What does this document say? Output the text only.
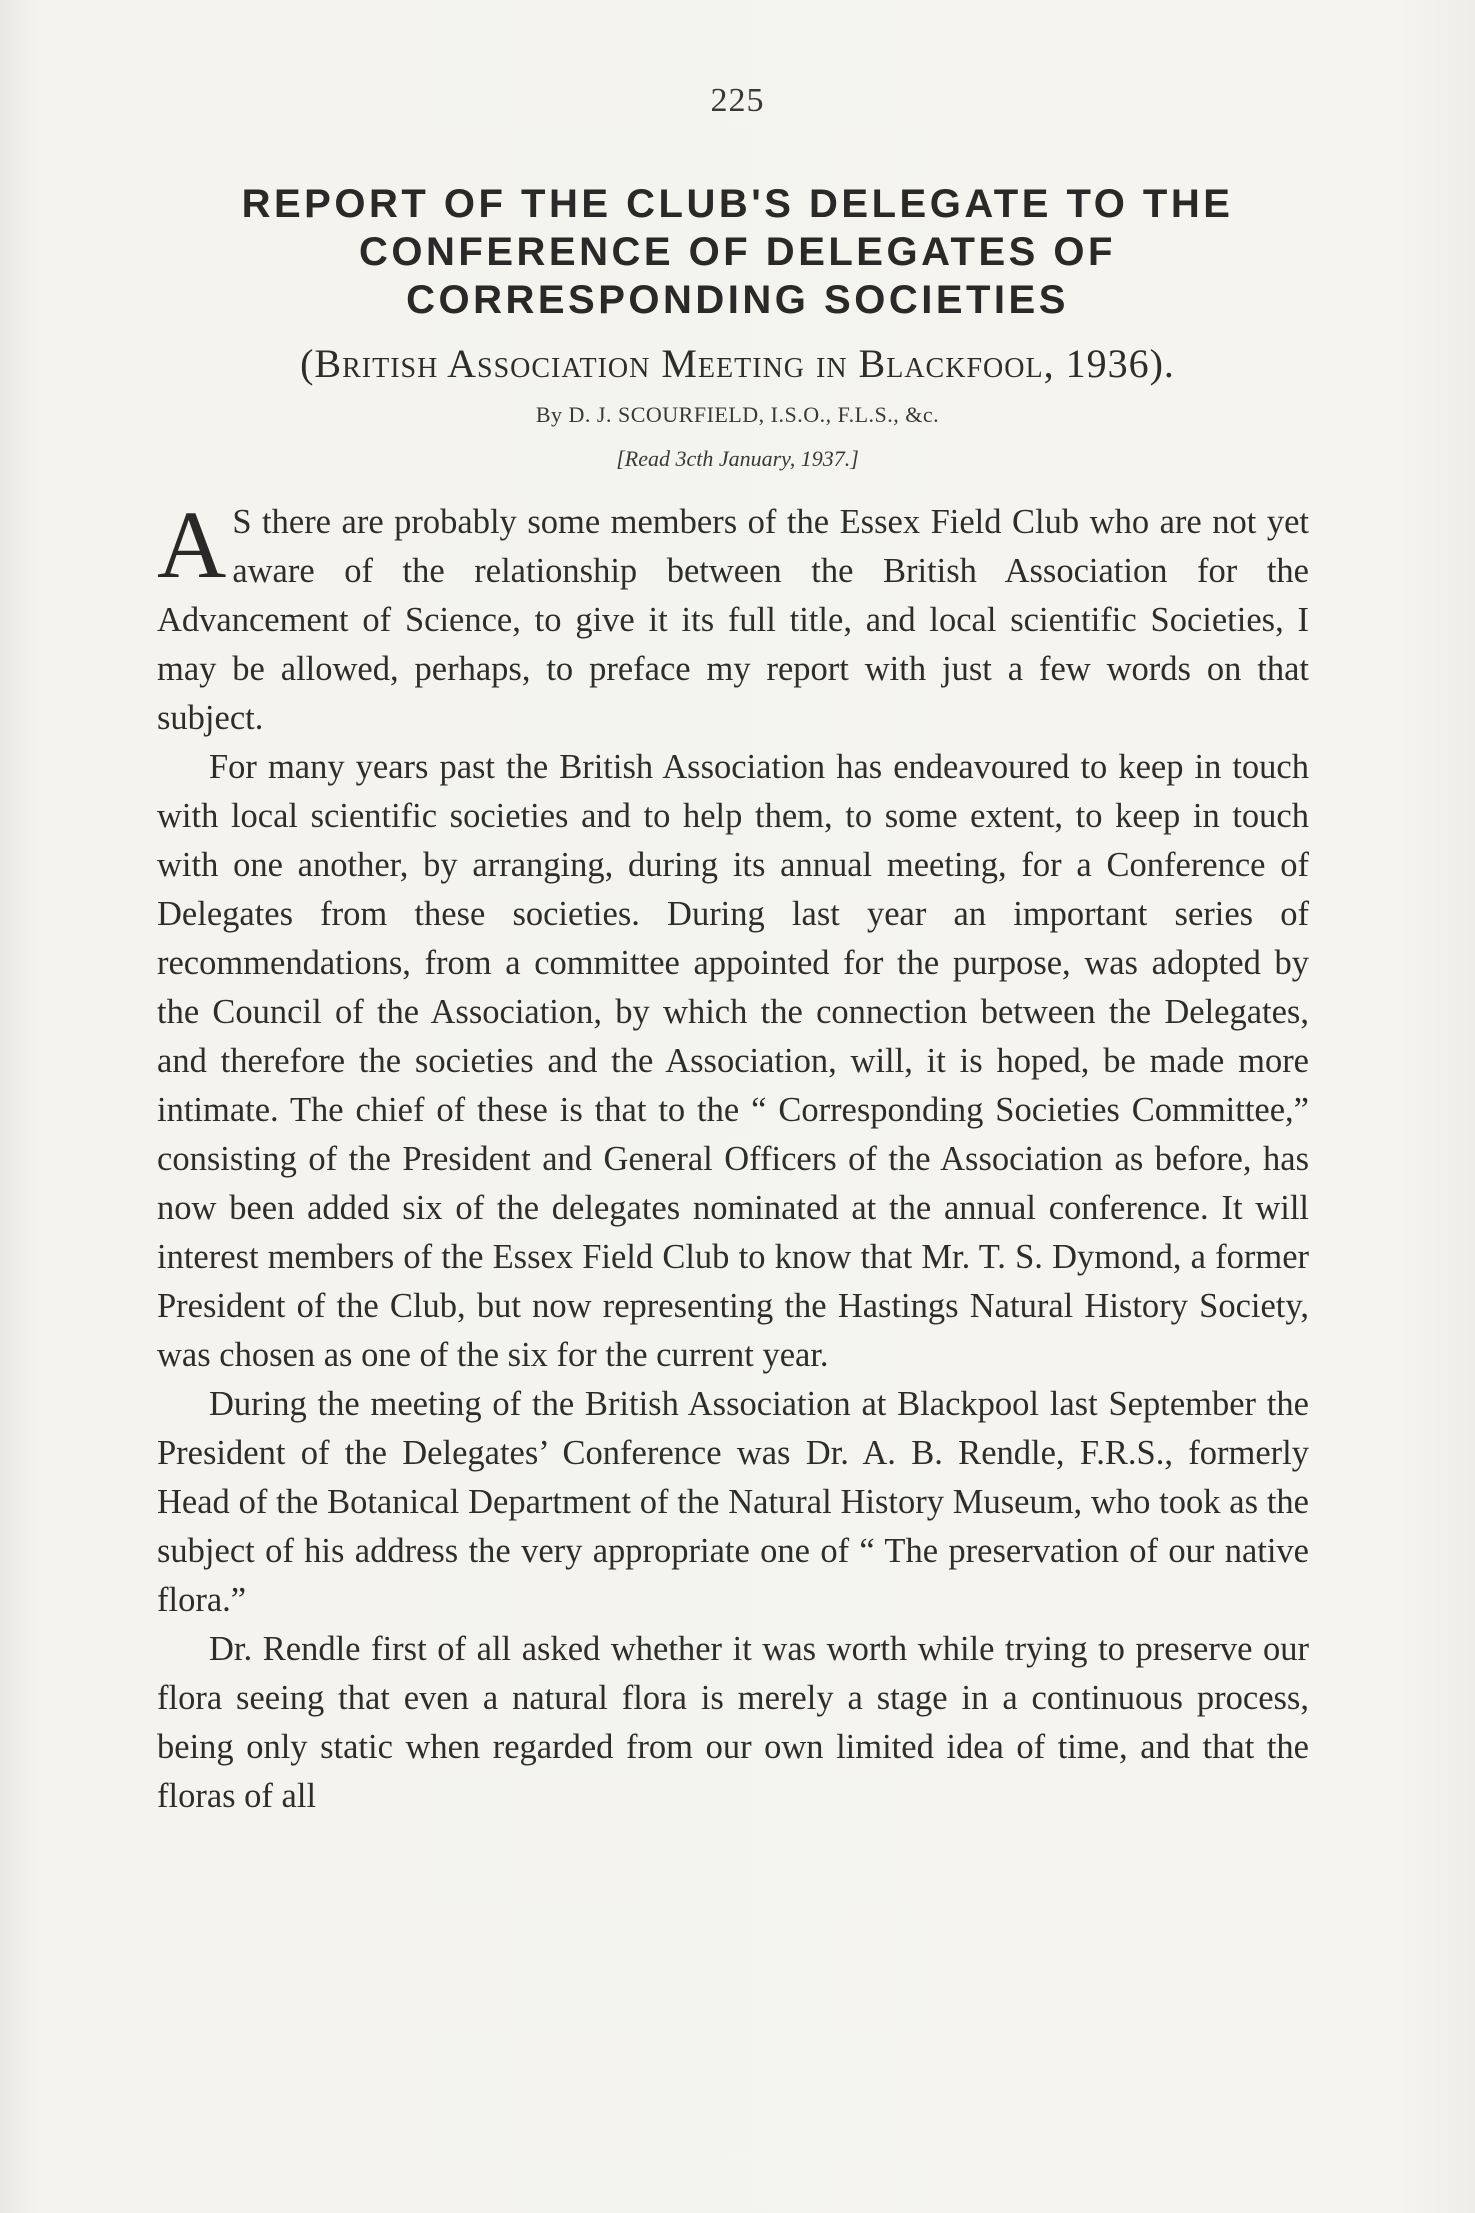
225
REPORT OF THE CLUB'S DELEGATE TO THE
CONFERENCE OF DELEGATES OF
CORRESPONDING SOCIETIES
(British Association Meeting in Blackfool, 1936).
By D. J. SCOURFIELD, I.S.O., F.L.S., &c.
[Read 3cth January, 1937.]

A S there are probably some members of the Essex Field Club who are not yet aware of the relationship between the British Association for the Advancement of Science, to give it its full title, and local scientific Societies, I may be allowed, perhaps, to preface my report with just a few words on that subject.

For many years past the British Association has endeavoured to keep in touch with local scientific societies and to help them, to some extent, to keep in touch with one another, by arranging, during its annual meeting, for a Conference of Delegates from these societies. During last year an important series of recommendations, from a committee appointed for the purpose, was adopted by the Council of the Association, by which the connection between the Delegates, and therefore the societies and the Association, will, it is hoped, be made more intimate. The chief of these is that to the “ Corresponding Societies Committee,” consisting of the President and General Officers of the Association as before, has now been added six of the delegates nominated at the annual conference. It will interest members of the Essex Field Club to know that Mr. T. S. Dymond, a former President of the Club, but now representing the Hastings Natural History Society, was chosen as one of the six for the current year.

During the meeting of the British Association at Blackpool last September the President of the Delegates’ Conference was Dr. A. B. Rendle, F.R.S., formerly Head of the Botanical Department of the Natural History Museum, who took as the subject of his address the very appropriate one of “ The preservation of our native flora.”

Dr. Rendle first of all asked whether it was worth while trying to preserve our flora seeing that even a natural flora is merely a stage in a continuous process, being only static when regarded from our own limited idea of time, and that the floras of all
